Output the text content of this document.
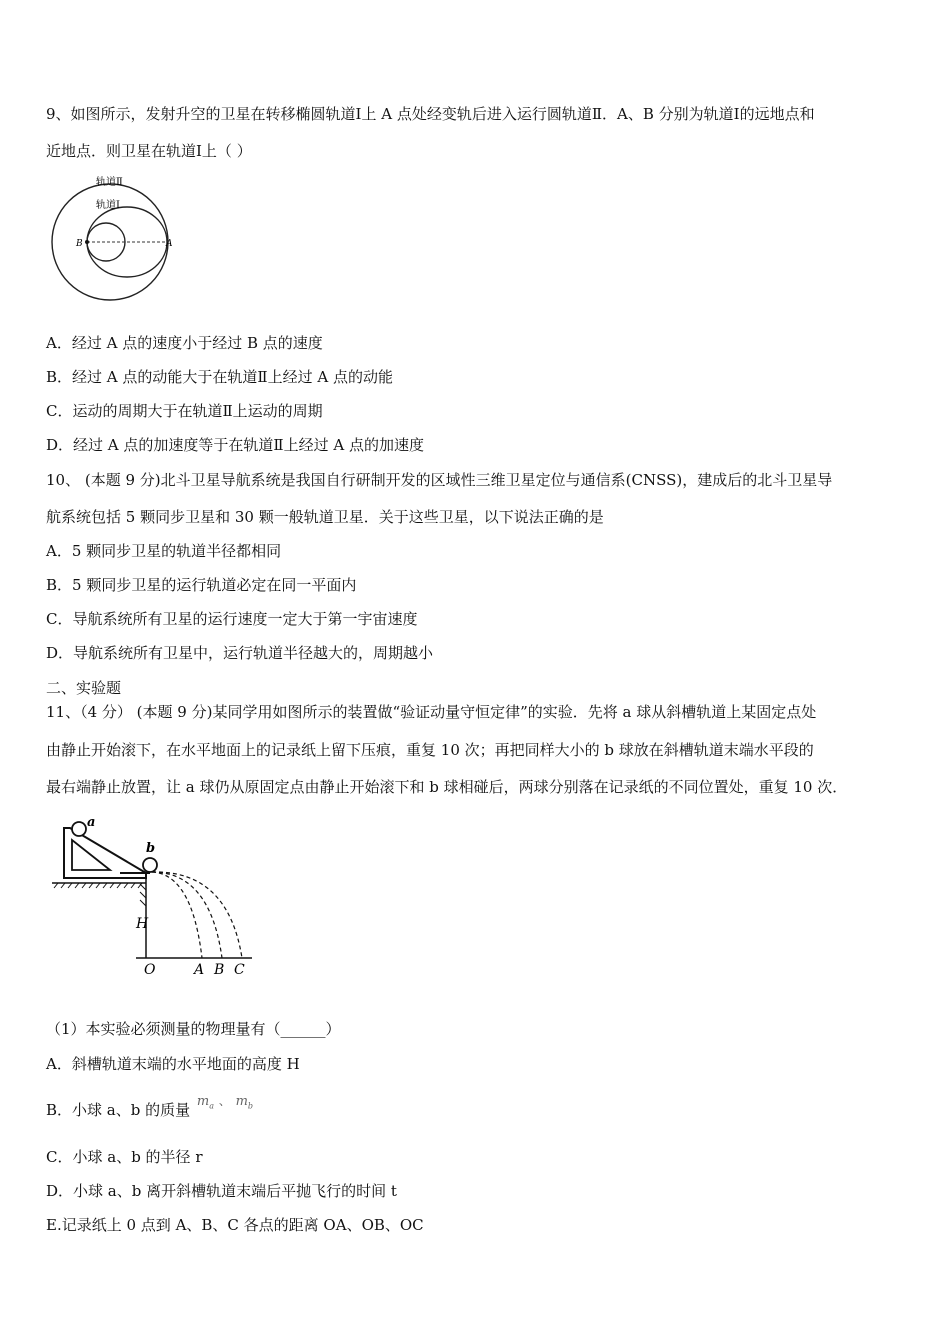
9、如图所示，发射升空的卫星在转移椭圆轨道Ⅰ上 A 点处经变轨后进入运行圆轨道Ⅱ．A、B 分别为轨道Ⅰ的远地点和
近地点．则卫星在轨道Ⅰ上（ ）
轨道Ⅱ
轨道Ⅰ
B	A
A．经过 A 点的速度小于经过 B 点的速度
B．经过 A 点的动能大于在轨道Ⅱ上经过 A 点的动能
C．运动的周期大于在轨道Ⅱ上运动的周期
D．经过 A 点的加速度等于在轨道Ⅱ上经过 A 点的加速度
10、 (本题 9 分)北斗卫星导航系统是我国自行研制开发的区域性三维卫星定位与通信系(CNSS)，建成后的北斗卫星导
航系统包括 5 颗同步卫星和 30 颗一般轨道卫星．关于这些卫星，以下说法正确的是
A．5 颗同步卫星的轨道半径都相同
B．5 颗同步卫星的运行轨道必定在同一平面内
C．导航系统所有卫星的运行速度一定大于第一宇宙速度
D．导航系统所有卫星中，运行轨道半径越大的，周期越小
二、实验题
11、（4 分） (本题 9 分)某同学用如图所示的装置做“验证动量守恒定律”的实验．先将 a 球从斜槽轨道上某固定点处
由静止开始滚下，在水平地面上的记录纸上留下压痕，重复 10 次；再把同样大小的 b 球放在斜槽轨道末端水平段的
最右端静止放置，让 a 球仍从原固定点由静止开始滚下和 b 球相碰后，两球分别落在记录纸的不同位置处，重复 10 次．
a
b
H
O	A B C
（1）本实验必须测量的物理量有（______）
A．斜槽轨道末端的水平地面的高度 H
B．小球 a、b 的质量 $m_a$ 、 $m_b$
C．小球 a、b 的半径 r
D．小球 a、b 离开斜槽轨道末端后平抛飞行的时间 t
E.记录纸上 0 点到 A、B、C 各点的距离 OA、OB、OC
